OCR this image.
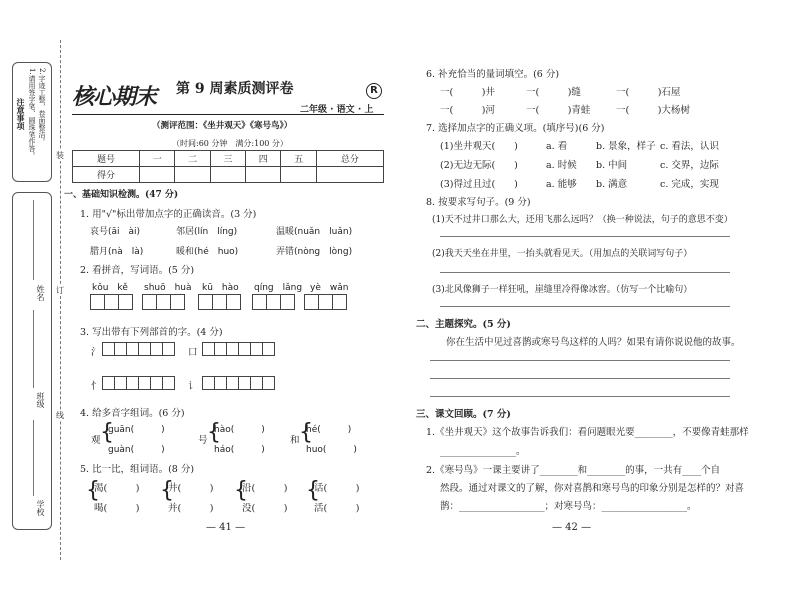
注意事项 1.请用签字笔、圆珠笔作答。 2.字迹工整，卷面整洁。
姓名
班级
学校
装
订
线
核心期末 第 9 周素质测评卷	R
二年级 · 语文 · 上
（测评范围：《坐井观天》《寒号鸟》）
（时间:60 分钟　满分:100 分）
题号	一	二	三	四	五	总分
得分						
一、基础知识检测。(47 分)
1. 用"√"标出带加点字的正确读音。(3 分)
哀号(āi　ài)	邻居(lín　líng)	温暖(nuǎn　luǎn)
腊月(nà　là)	暖和(hé　huo)	弄错(nòng　lòng)
2. 看拼音，写词语。(5 分)
kǒu　kě shuō　huà kū　hào qíng　lǎng yè　wǎn
3. 写出带有下列部首的字。(4 分)
氵	口
忄	讠
4. 给多音字组词。(6 分)
观 {
guān(　　　)
guàn(　　　)
号 {
hào(　　　)
háo(　　　)
和 {
hé(　　　)
huo(　　　)
5. 比一比，组词语。(8 分)
{
渴(　　　)
喝(　　　)
{
井(　　　)
并(　　　)
{
沿(　　　)
没(　　　)
{
话(　　　)
活(　　　)
— 41 —
6. 补充恰当的量词填空。(6 分)
一(　　　)井	一(　　　)缝	一(　　　)石屋
一(　　　)河	一(　　　)青蛙	一(　　　)大杨树
7. 选择加点字的正确义项。(填序号)(6 分)
(1)坐井观天(　　)	a. 看	b. 景象，样子 c. 看法，认识
(2)无边无际(　　)	a. 时候 b. 中间	c. 交界，边际
(3)得过且过(　　)	a. 能够 b. 满意	c. 完成，实现
8. 按要求写句子。(9 分)
(1)天不过井口那么大，还用飞那么远吗？（换一种说法，句子的意思不变）
(2)我天天坐在井里，一抬头就看见天。（用加点的关联词写句子）
(3)北风像狮子一样狂吼，崖缝里冷得像冰窖。（仿写一个比喻句）
二、主题探究。(5 分)
你在生活中见过喜鹊或寒号鸟这样的人吗？如果有请你说说他的故事。
三、课文回顾。(7 分)
1.《坐井观天》这个故事告诉我们：看问题眼光要________，不要像青蛙那样
________________。
2.《寒号鸟》一课主要讲了________和________的事，一共有____个自
然段。通过对课文的了解，你对喜鹊和寒号鸟的印象分别是怎样的？对喜
鹊：__________________；对寒号鸟：__________________。
— 42 —
